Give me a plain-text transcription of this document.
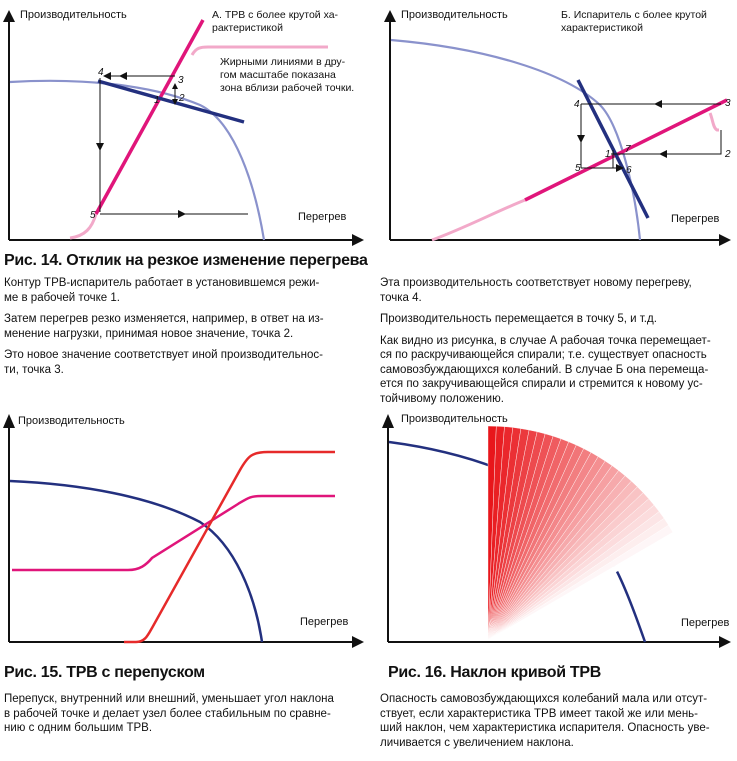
Производительность
Перегрев
1 2
3
4
5
А. ТРВ с более крутой ха-
рактеристикой
Жирными линиями в дру-
гом масштабе показана
зона вблизи рабочей точки.
Производительность
Перегрев
1	2
3
4
5	6
7
Б. Испаритель с более крутой
характеристикой
Рис. 14. Отклик на резкое изменение перегрева

Контур ТРВ-испаритель работает в установившемся режи-
ме в рабочей точке 1.

Затем перегрев резко изменяется, например, в ответ на из-
менение нагрузки, принимая новое значение, точка 2.

Это новое значение соответствует иной производительнос-
ти, точка 3.

Эта производительность соответствует новому перегреву,
точка 4.

Производительность перемещается в точку 5, и т.д.

Как видно из рисунка, в случае А рабочая точка перемещает-
ся по раскручивающейся спирали; т.е. существует опасность
самовозбуждающихся колебаний. В случае Б она перемеща-
ется по закручивающейся спирали и стремится к новому ус-
тойчивому положению.

Производительность
Перегрев
Рис. 15. ТРВ с перепуском

Перепуск, внутренний или внешний, уменьшает угол наклона
в рабочей точке и делает узел более стабильным по сравне-
нию с одним большим ТРВ.

Производительность
Перегрев
Рис. 16. Наклон кривой ТРВ

Опасность самовозбуждающихся колебаний мала или отсут-
ствует, если характеристика ТРВ имеет такой же или мень-
ший наклон, чем характеристика испарителя. Опасность уве-
личивается с увеличением наклона.
